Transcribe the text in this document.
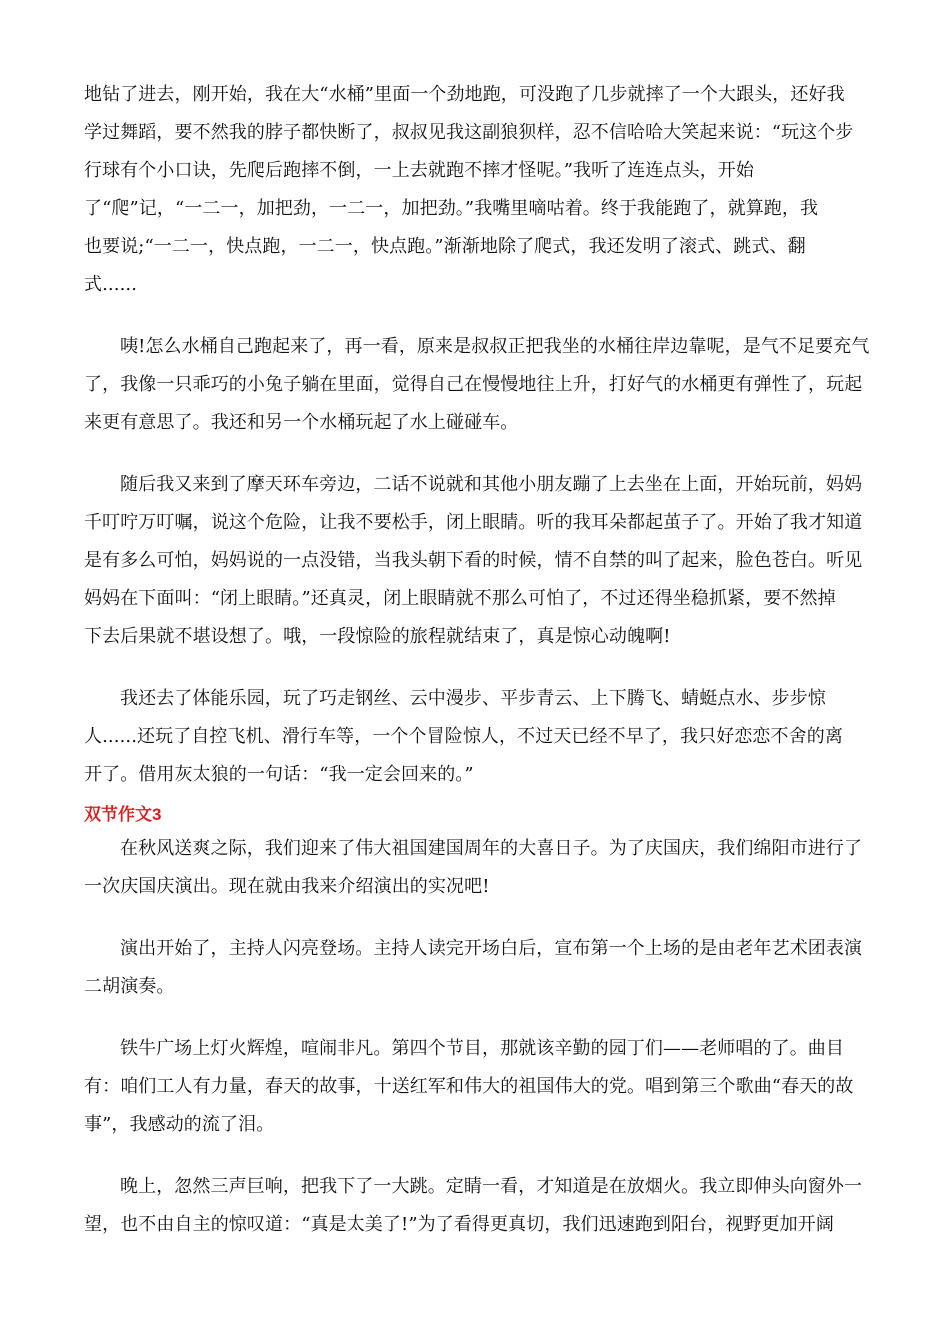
地钻了进去，刚开始，我在大“水桶”里面一个劲地跑，可没跑了几步就摔了一个大跟头，还好我
学过舞蹈，要不然我的脖子都快断了，叔叔见我这副狼狈样，忍不信哈哈大笑起来说：“玩这个步
行球有个小口诀，先爬后跑摔不倒，一上去就跑不摔才怪呢。”我听了连连点头，开始
了“爬”记，“一二一，加把劲，一二一，加把劲。”我嘴里嘀咕着。终于我能跑了，就算跑，我
也要说;“一二一，快点跑，一二一，快点跑。”渐渐地除了爬式，我还发明了滚式、跳式、翻
式......
咦!怎么水桶自己跑起来了，再一看，原来是叔叔正把我坐的水桶往岸边靠呢，是气不足要充气
了，我像一只乖巧的小兔子躺在里面，觉得自己在慢慢地往上升，打好气的水桶更有弹性了，玩起
来更有意思了。我还和另一个水桶玩起了水上碰碰车。
随后我又来到了摩天环车旁边，二话不说就和其他小朋友蹦了上去坐在上面，开始玩前，妈妈
千叮咛万叮嘱，说这个危险，让我不要松手，闭上眼睛。听的我耳朵都起茧子了。开始了我才知道
是有多么可怕，妈妈说的一点没错，当我头朝下看的时候，情不自禁的叫了起来，脸色苍白。听见
妈妈在下面叫：“闭上眼睛。”还真灵，闭上眼睛就不那么可怕了，不过还得坐稳抓紧，要不然掉
下去后果就不堪设想了。哦，一段惊险的旅程就结束了，真是惊心动魄啊!
我还去了体能乐园，玩了巧走钢丝、云中漫步、平步青云、上下腾飞、蜻蜓点水、步步惊
人......还玩了自控飞机、滑行车等，一个个冒险惊人，不过天已经不早了，我只好恋恋不舍的离
开了。借用灰太狼的一句话：“我一定会回来的。”
双节作文3
在秋风送爽之际，我们迎来了伟大祖国建国周年的大喜日子。为了庆国庆，我们绵阳市进行了
一次庆国庆演出。现在就由我来介绍演出的实况吧!
演出开始了，主持人闪亮登场。主持人读完开场白后，宣布第一个上场的是由老年艺术团表演
二胡演奏。
铁牛广场上灯火辉煌，喧闹非凡。第四个节目，那就该辛勤的园丁们——老师唱的了。曲目
有：咱们工人有力量，春天的故事，十送红军和伟大的祖国伟大的党。唱到第三个歌曲“春天的故
事”，我感动的流了泪。
晚上，忽然三声巨响，把我下了一大跳。定睛一看，才知道是在放烟火。我立即伸头向窗外一
望，也不由自主的惊叹道：“真是太美了!”为了看得更真切，我们迅速跑到阳台，视野更加开阔
